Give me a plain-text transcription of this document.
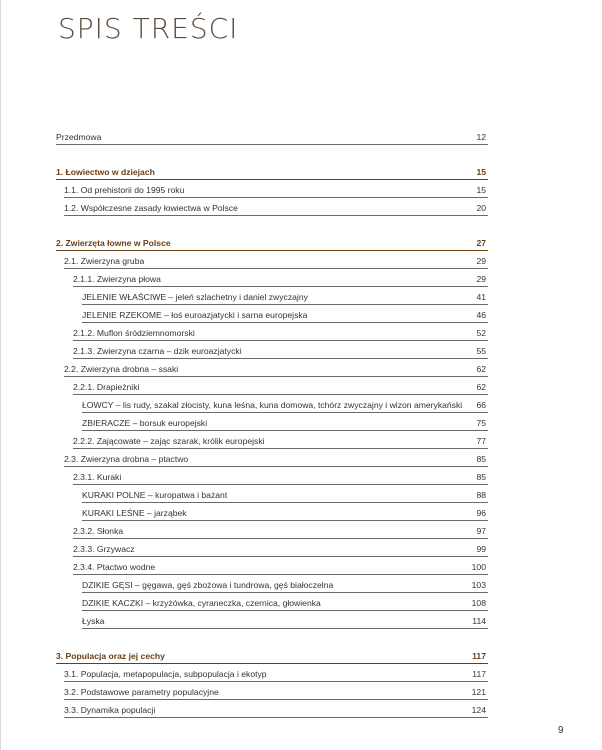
SPIS TREŚCI
Przedmowa	12
1. Łowiectwo w dziejach	15
1.1. Od prehistorii do 1995 roku	15
1.2. Współczesne zasady łowiectwa w Polsce	20
2. Zwierzęta łowne w Polsce	27
2.1. Zwierzyna gruba	29
2.1.1. Zwierzyna płowa	29
JELENIE WŁAŚCIWE – jeleń szlachetny i daniel zwyczajny	41
JELENIE RZEKOME – łoś euroazjatycki i sarna europejska	46
2.1.2. Muflon śródziemnomorski	52
2.1.3. Zwierzyna czarna – dzik euroazjatycki	55
2.2. Zwierzyna drobna – ssaki	62
2.2.1. Drapieżniki	62
ŁOWCY – lis rudy, szakal złocisty, kuna leśna, kuna domowa, tchórz zwyczajny i wizon amerykański 66
ZBIERACZE – borsuk europejski	75
2.2.2. Zającowate – zając szarak, królik europejski	77
2.3. Zwierzyna drobna – ptactwo	85
2.3.1. Kuraki	85
KURAKI POLNE – kuropatwa i bażant	88
KURAKI LEŚNE – jarząbek	96
2.3.2. Słonka	97
2.3.3. Grzywacz	99
2.3.4. Ptactwo wodne	100
DZIKIE GĘSI – gęgawa, gęś zbożowa i tundrowa, gęś białoczelna	103
DZIKIE KACZKI – krzyżówka, cyraneczka, czernica, głowienka	108
Łyska	114
3. Populacja oraz jej cechy	117
3.1. Populacja, metapopulacja, subpopulacja i ekotyp	117
3.2. Podstawowe parametry populacyjne	121
3.3. Dynamika populacji	124
9
